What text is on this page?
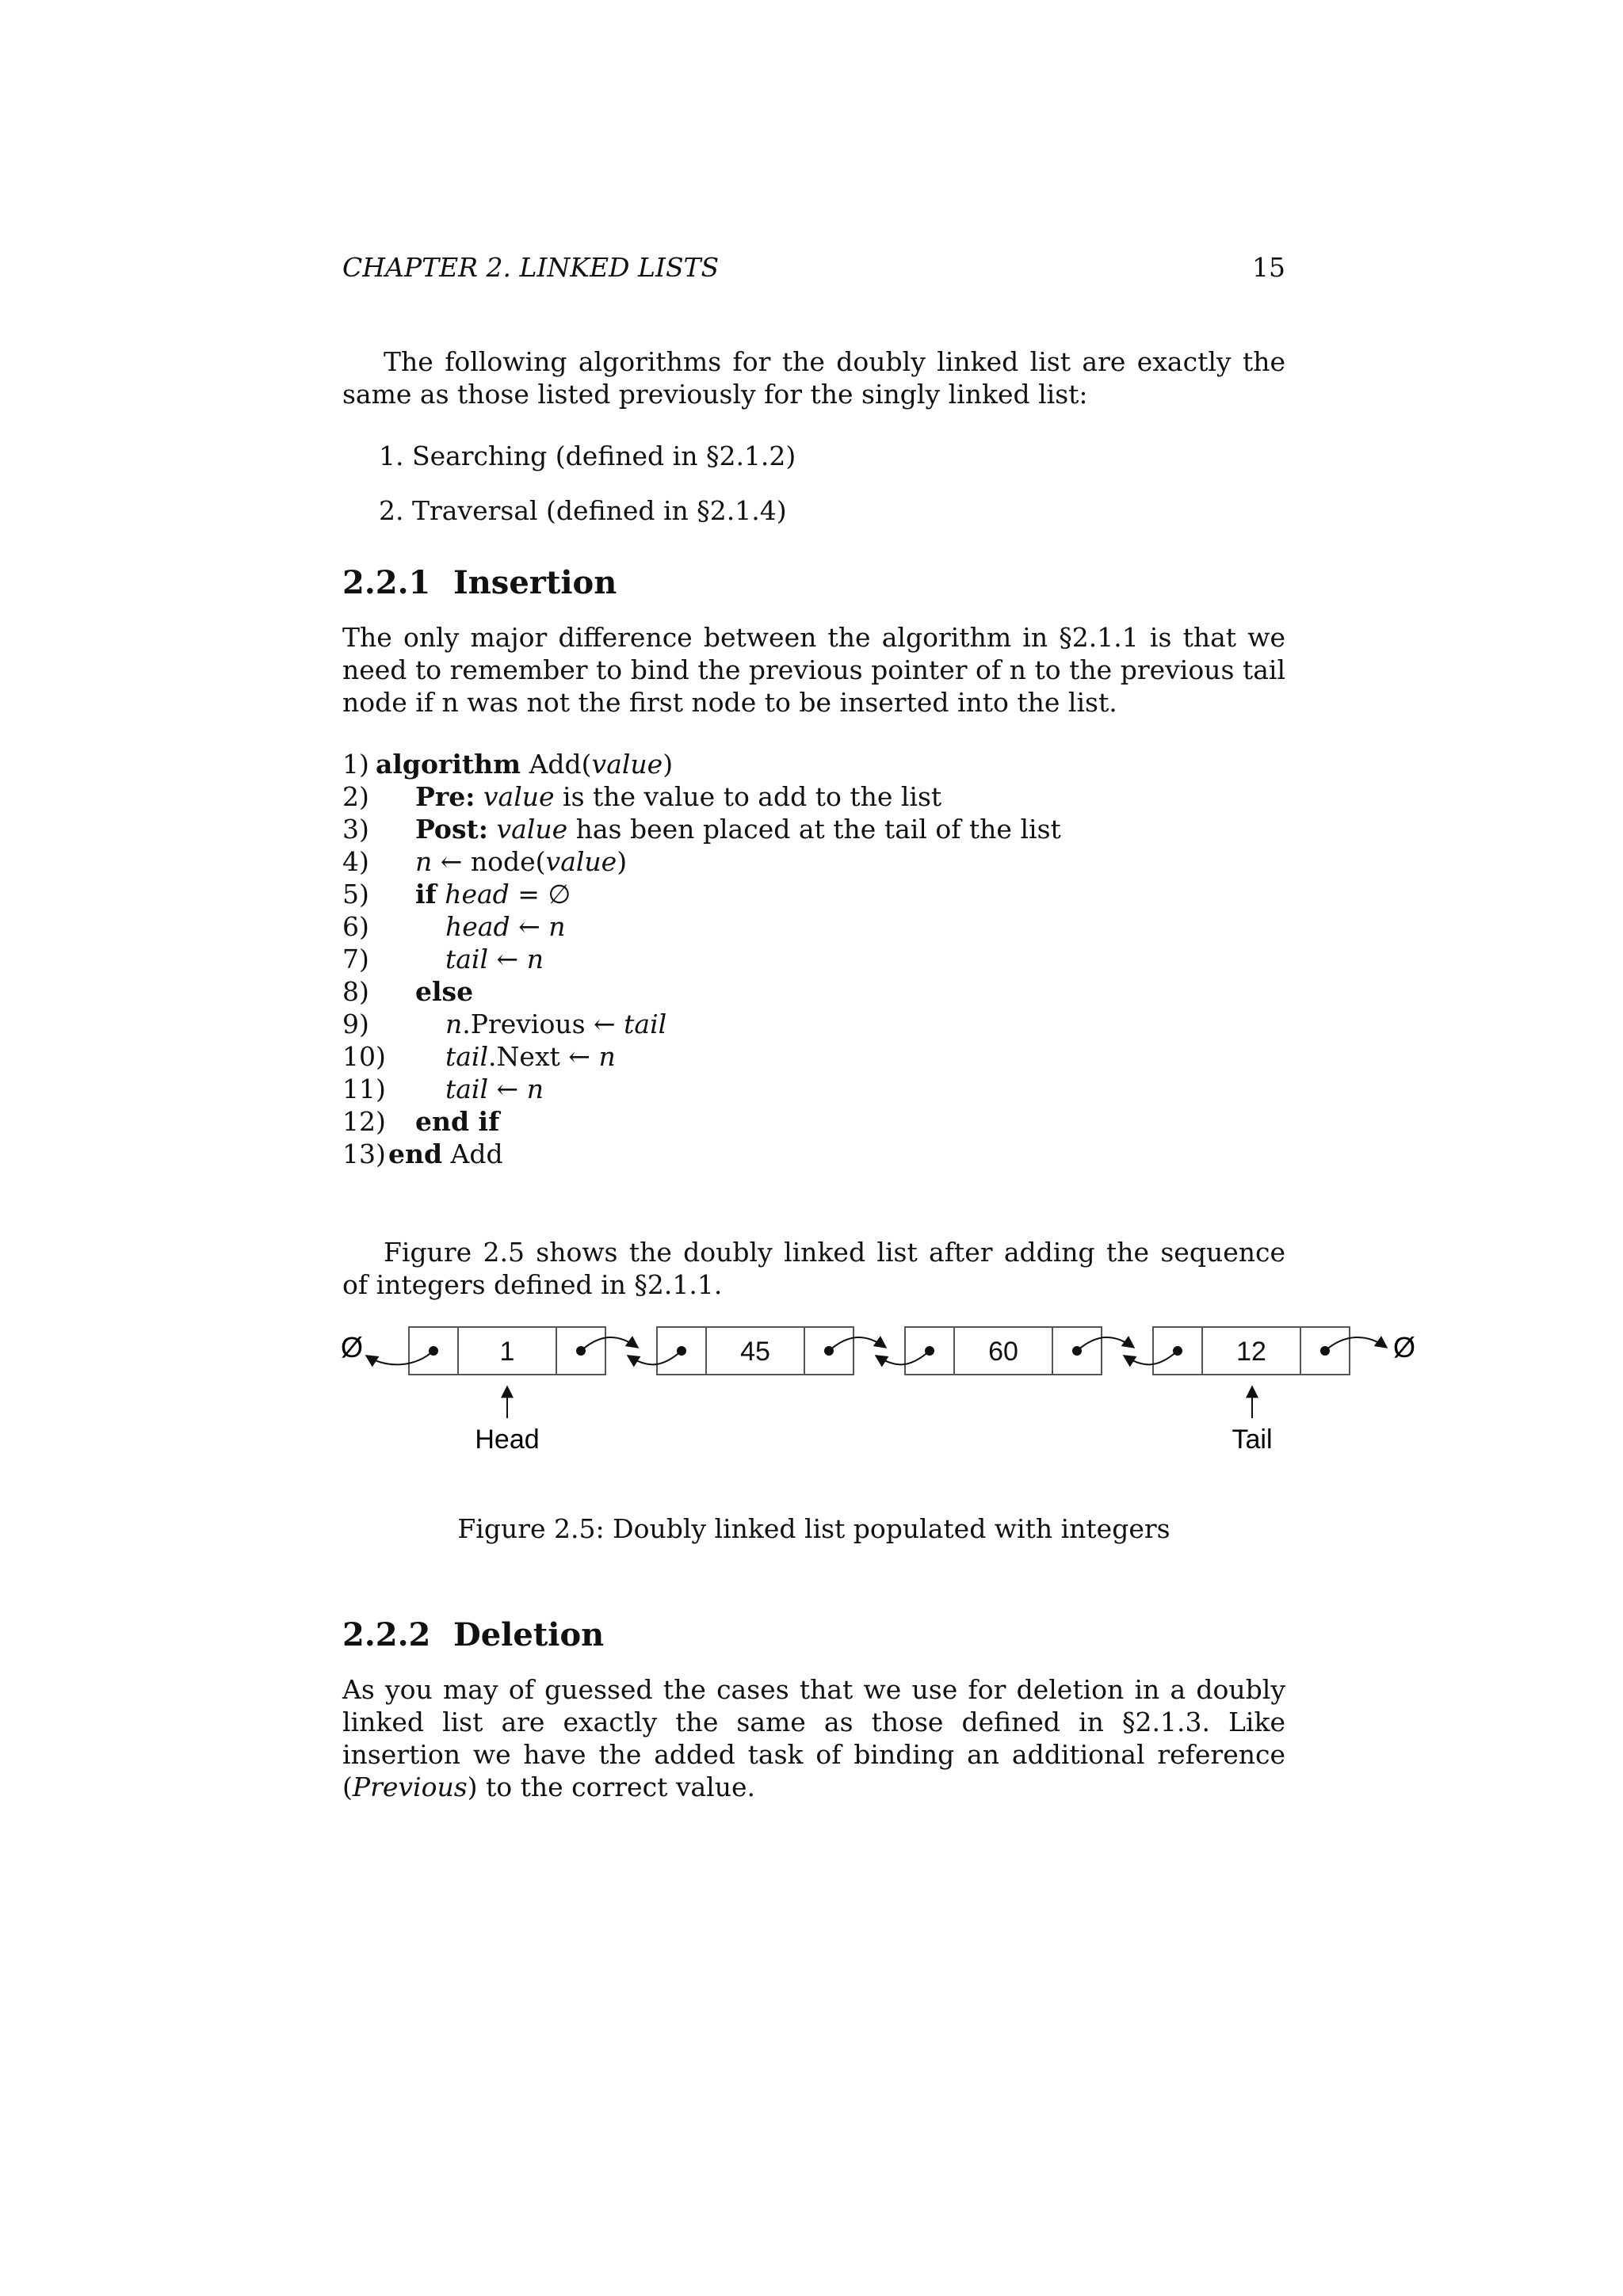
CHAPTER 2. LINKED LISTS	15
The following algorithms for the doubly linked list are exactly the same as those listed previously for the singly linked list:
1. Searching (defined in §2.1.2)
2. Traversal (defined in §2.1.4)
2.2.1 Insertion
The only major difference between the algorithm in §2.1.1 is that we need to remember to bind the previous pointer of n to the previous tail node if n was not the first node to be inserted into the list.
1) algorithm Add(value)
2) Pre: value is the value to add to the list
3) Post: value has been placed at the tail of the list
4) n ← node(value)
5) if head = ∅
6)	head ← n
7)	tail ← n
8) else
9)	n.Previous ← tail
10) tail.Next ← n
11) tail ← n
12) end if
13) end Add
Figure 2.5 shows the doubly linked list after adding the sequence of integers defined in §2.1.1.
1	45	60	12
Ø	Ø
Head	Tail
Figure 2.5: Doubly linked list populated with integers
2.2.2 Deletion
As you may of guessed the cases that we use for deletion in a doubly linked list are exactly the same as those defined in §2.1.3. Like insertion we have the added task of binding an additional reference (Previous) to the correct value.
